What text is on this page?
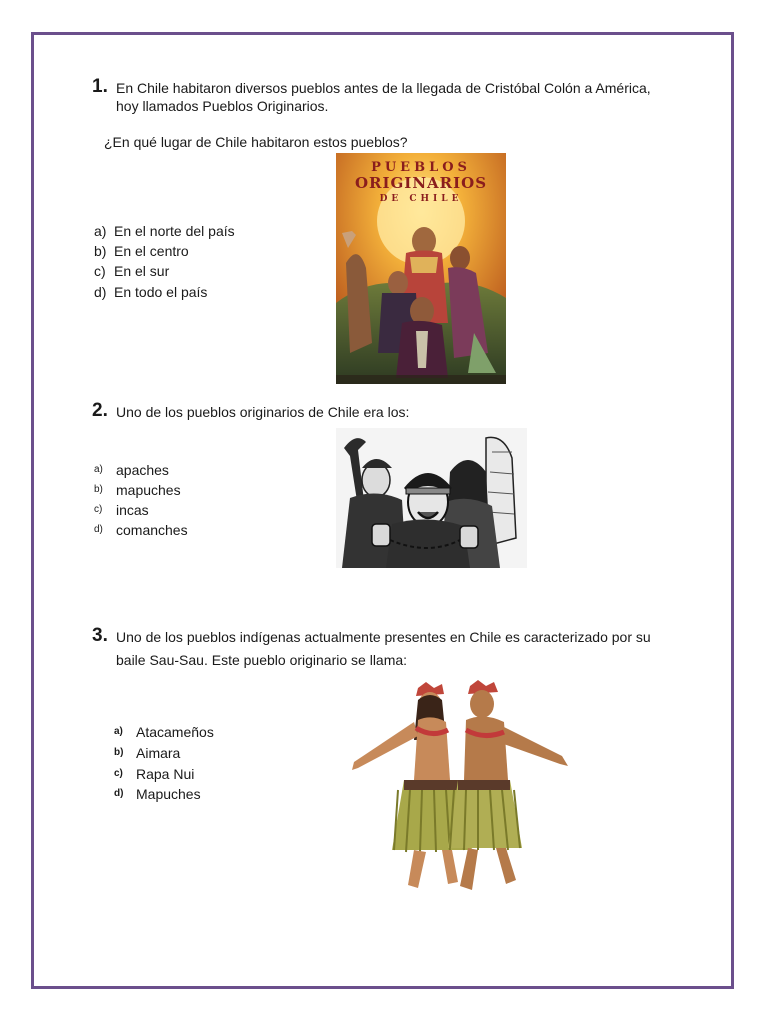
1. En Chile habitaron diversos pueblos antes de la llegada de Cristóbal Colón a América,
hoy llamados Pueblos Originarios.
¿En qué lugar de Chile habitaron estos pueblos?
a) En el norte del país
b) En el centro
c) En el sur
d) En todo el país
PUEBLOS
ORIGINARIOS
DE CHILE
2. Uno de los pueblos originarios de Chile era los:
a) apaches
b) mapuches
c) incas
d) comanches
3. Uno de los pueblos indígenas actualmente presentes en Chile es caracterizado por su
baile Sau-Sau. Este pueblo originario se llama:
a) Atacameños
b) Aimara
c) Rapa Nui
d) Mapuches
